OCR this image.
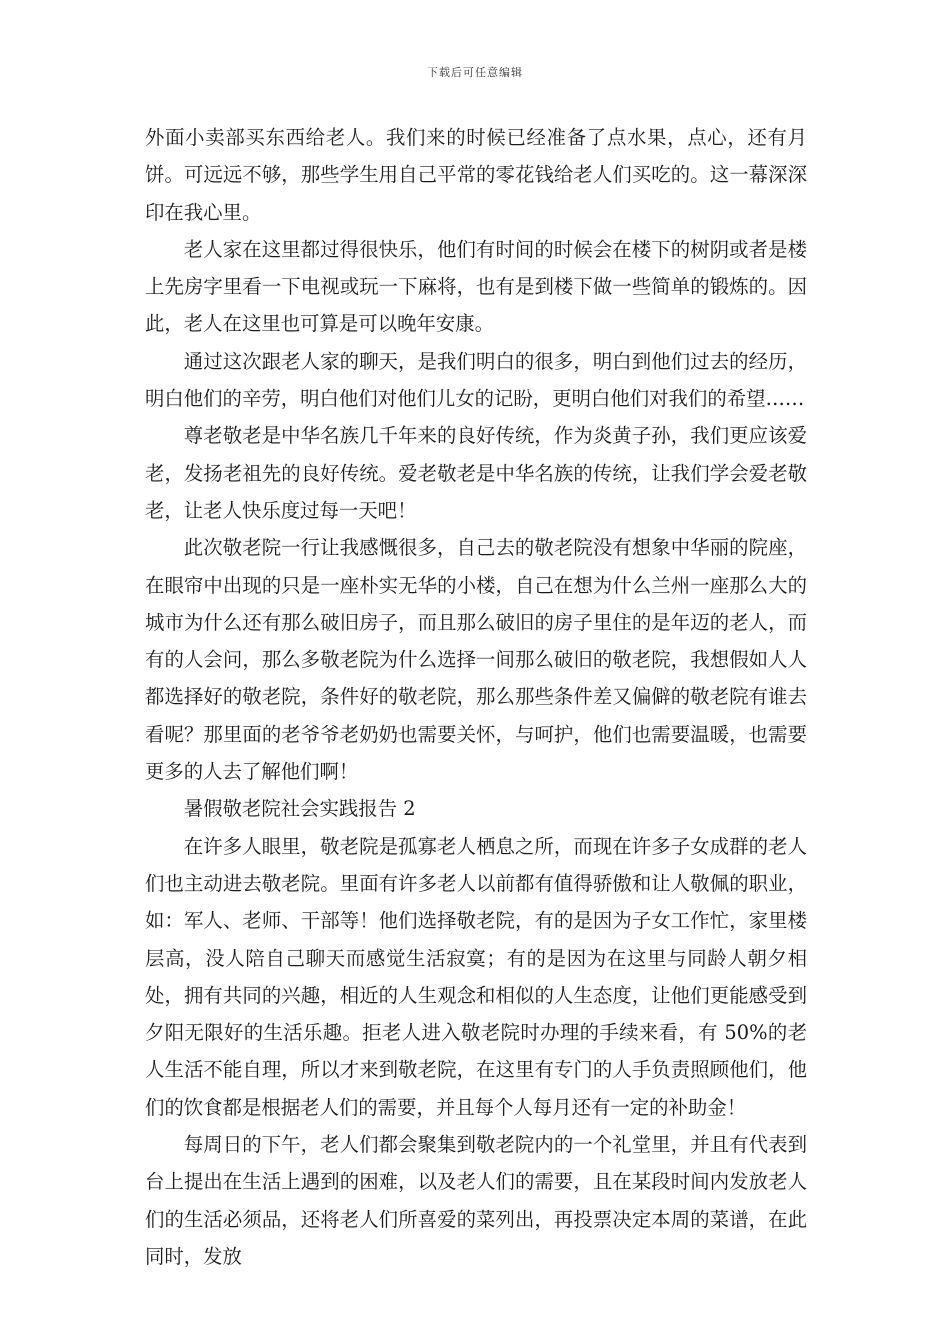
下载后可任意编辑

外面小卖部买东西给老人。我们来的时候已经准备了点水果，点心，还有月饼。可远远不够，那些学生用自己平常的零花钱给老人们买吃的。这一幕深深印在我心里。

老人家在这里都过得很快乐，他们有时间的时候会在楼下的树阴或者是楼上先房字里看一下电视或玩一下麻将，也有是到楼下做一些简单的锻炼的。因此，老人在这里也可算是可以晚年安康。

通过这次跟老人家的聊天，是我们明白的很多，明白到他们过去的经历，明白他们的辛劳，明白他们对他们儿女的记盼，更明白他们对我们的希望……

尊老敬老是中华名族几千年来的良好传统，作为炎黄子孙，我们更应该爱老，发扬老祖先的良好传统。爱老敬老是中华名族的传统，让我们学会爱老敬老，让老人快乐度过每一天吧！

此次敬老院一行让我感慨很多，自己去的敬老院没有想象中华丽的院座，在眼帘中出现的只是一座朴实无华的小楼，自己在想为什么兰州一座那么大的城市为什么还有那么破旧房子，而且那么破旧的房子里住的是年迈的老人，而有的人会问，那么多敬老院为什么选择一间那么破旧的敬老院，我想假如人人都选择好的敬老院，条件好的敬老院，那么那些条件差又偏僻的敬老院有谁去看呢？那里面的老爷爷老奶奶也需要关怀，与呵护，他们也需要温暖，也需要更多的人去了解他们啊！

暑假敬老院社会实践报告 2

在许多人眼里，敬老院是孤寡老人栖息之所，而现在许多子女成群的老人们也主动进去敬老院。里面有许多老人以前都有值得骄傲和让人敬佩的职业，如：军人、老师、干部等！他们选择敬老院，有的是因为子女工作忙，家里楼层高，没人陪自己聊天而感觉生活寂寞；有的是因为在这里与同龄人朝夕相处，拥有共同的兴趣，相近的人生观念和相似的人生态度，让他们更能感受到夕阳无限好的生活乐趣。拒老人进入敬老院时办理的手续来看，有 50%的老人生活不能自理，所以才来到敬老院，在这里有专门的人手负责照顾他们，他们的饮食都是根据老人们的需要，并且每个人每月还有一定的补助金！

每周日的下午，老人们都会聚集到敬老院内的一个礼堂里，并且有代表到台上提出在生活上遇到的困难，以及老人们的需要，且在某段时间内发放老人们的生活必须品，还将老人们所喜爱的菜列出，再投票决定本周的菜谱，在此同时，发放
